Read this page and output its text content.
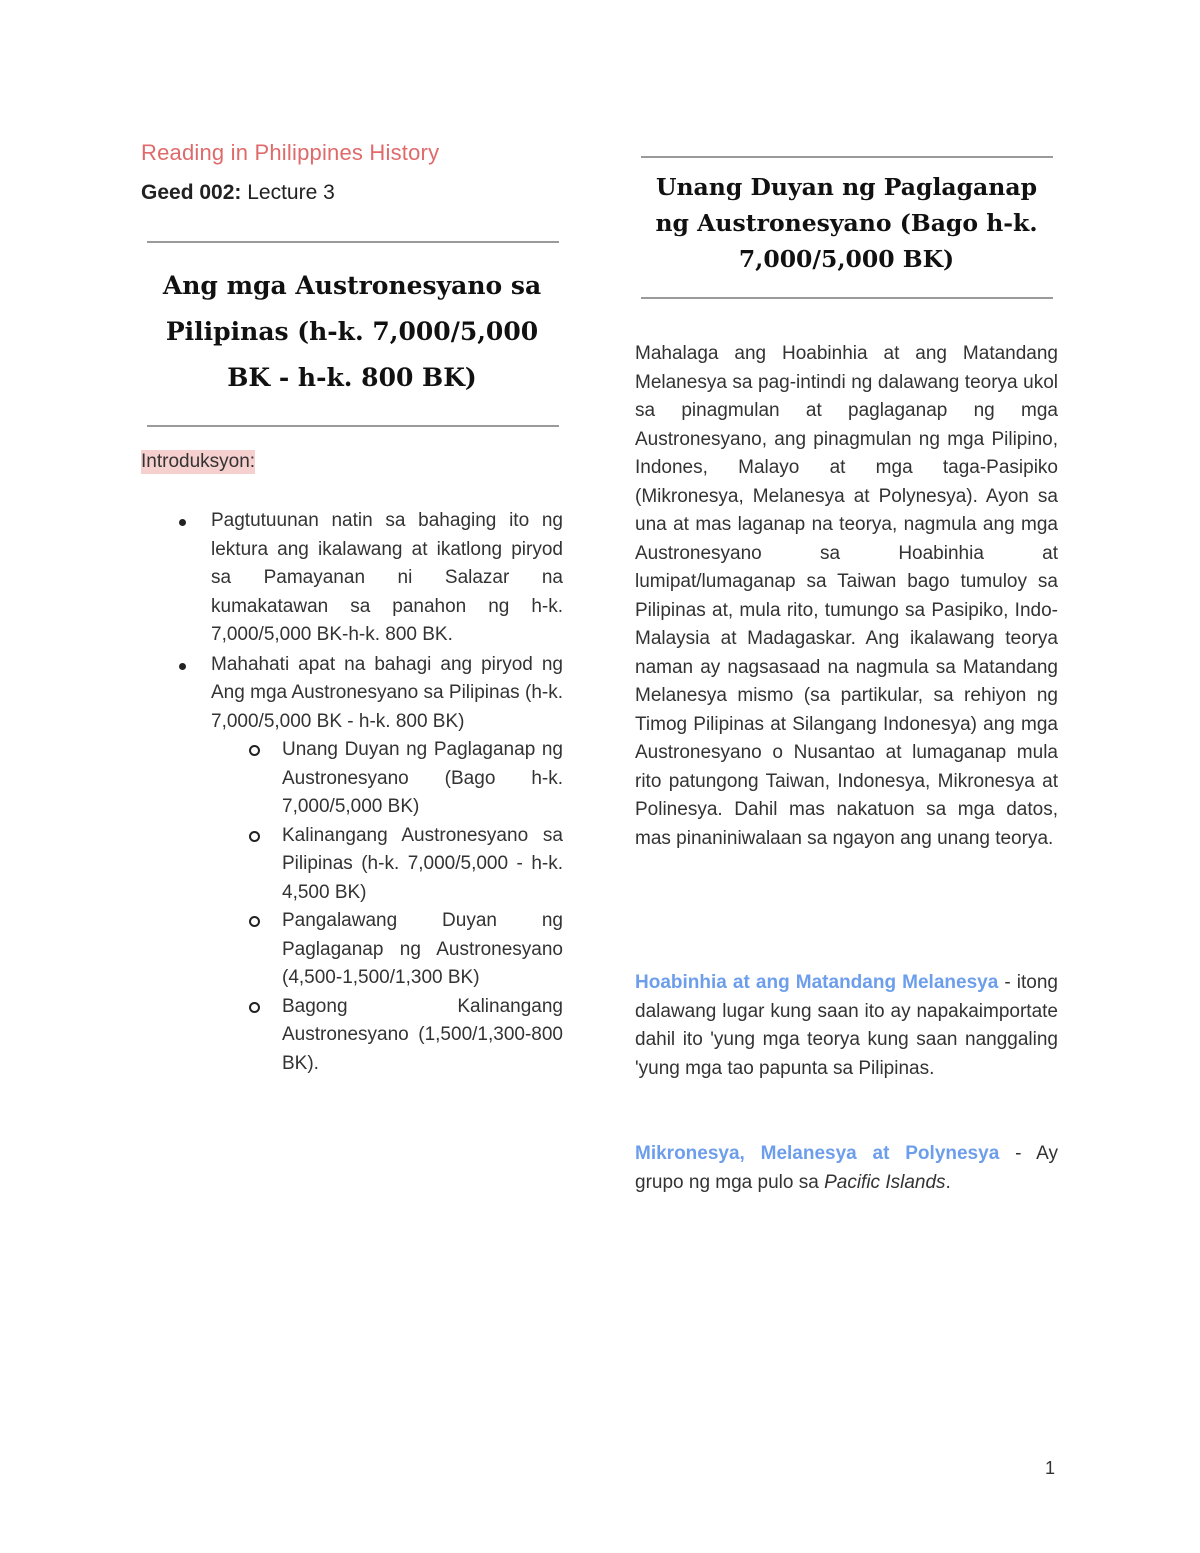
Reading in Philippines History
Geed 002: Lecture 3
Ang mga Austronesyano sa
Pilipinas (h-k. 7,000/5,000
BK - h-k. 800 BK)
Introduksyon:
Pagtutuunan natin sa bahaging ito ng lektura ang ikalawang at ikatlong piryod sa Pamayanan ni Salazar na kumakatawan sa panahon ng h-k. 7,000/5,000 BK-h-k. 800 BK.
Mahahati apat na bahagi ang piryod ng Ang mga Austronesyano sa Pilipinas (h-k. 7,000/5,000 BK - h-k. 800 BK)
Unang Duyan ng Paglaganap ng Austronesyano (Bago h-k. 7,000/5,000 BK)
Kalinangang Austronesyano sa Pilipinas (h-k. 7,000/5,000 - h-k. 4,500 BK)
Pangalawang Duyan ng Paglaganap ng Austronesyano (4,500-1,500/1,300 BK)
Bagong Kalinangang Austronesyano (1,500/1,300-800 BK).
Unang Duyan ng Paglaganap
ng Austronesyano (Bago h-k.
7,000/5,000 BK)

Mahalaga ang Hoabinhia at ang Matandang Melanesya sa pag-intindi ng dalawang teorya ukol sa pinagmulan at paglaganap ng mga Austronesyano, ang pinagmulan ng mga Pilipino, Indones, Malayo at mga taga-Pasipiko (Mikronesya, Melanesya at Polynesya). Ayon sa una at mas laganap na teorya, nagmula ang mga Austronesyano sa Hoabinhia at lumipat/lumaganap sa Taiwan bago tumuloy sa Pilipinas at, mula rito, tumungo sa Pasipiko, Indo-Malaysia at Madagaskar. Ang ikalawang teorya naman ay nagsasaad na nagmula sa Matandang Melanesya mismo (sa partikular, sa rehiyon ng Timog Pilipinas at Silangang Indonesya) ang mga Austronesyano o Nusantao at lumaganap mula rito patungong Taiwan, Indonesya, Mikronesya at Polinesya. Dahil mas nakatuon sa mga datos, mas pinaniniwalaan sa ngayon ang unang teorya.

Hoabinhia at ang Matandang Melanesya - itong dalawang lugar kung saan ito ay napakaimportate dahil ito 'yung mga teorya kung saan nanggaling 'yung mga tao papunta sa Pilipinas.

Mikronesya, Melanesya at Polynesya - Ay grupo ng mga pulo sa Pacific Islands.

1
